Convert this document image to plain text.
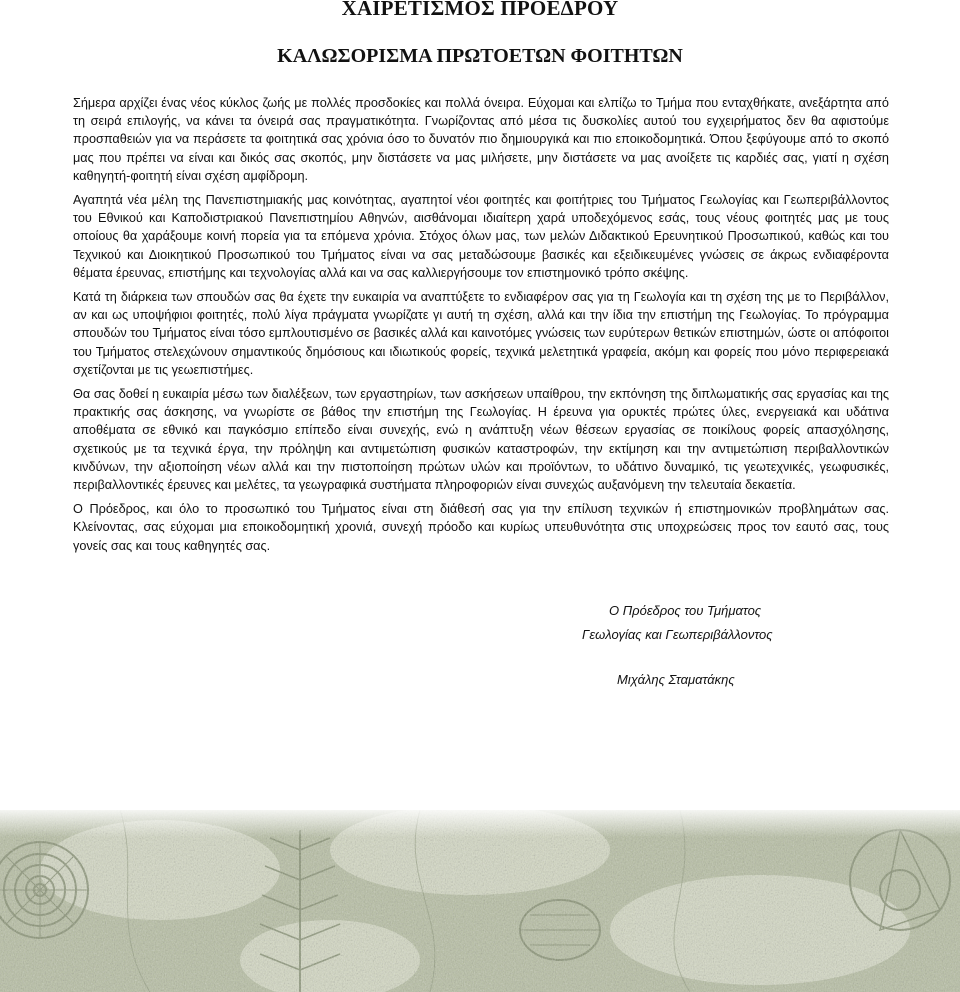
ΧΑΙΡΕΤΙΣΜΟΣ ΠΡΟΕΔΡΟΥ
ΚΑΛΩΣΟΡΙΣΜΑ ΠΡΩΤΟΕΤΩΝ ΦΟΙΤΗΤΩΝ

Σήμερα αρχίζει ένας νέος κύκλος ζωής με πολλές προσδοκίες και πολλά όνειρα. Εύχομαι και ελπίζω το Τμήμα που ενταχθήκατε, ανεξάρτητα από τη σειρά επιλογής, να κάνει τα όνειρά σας πραγματικότητα. Γνωρίζοντας από μέσα τις δυσκολίες αυτού του εγχειρήματος δεν θα αφιστούμε προσπαθειών για να περάσετε τα φοιτητικά σας χρόνια όσο το δυνατόν πιο δημιουργικά και πιο εποικοδομητικά. Όπου ξεφύγουμε από το σκοπό μας που πρέπει να είναι και δικός σας σκοπός, μην διστάσετε να μας μιλήσετε, μην διστάσετε να μας ανοίξετε τις καρδιές σας, γιατί η σχέση καθηγητή-φοιτητή είναι σχέση αμφίδρομη.

Αγαπητά νέα μέλη της Πανεπιστημιακής μας κοινότητας, αγαπητοί νέοι φοιτητές και φοιτήτριες του Τμήματος Γεωλογίας και Γεωπεριβάλλοντος του Εθνικού και Καποδιστριακού Πανεπιστημίου Αθηνών, αισθάνομαι ιδιαίτερη χαρά υποδεχόμενος εσάς, τους νέους φοιτητές μας με τους οποίους θα χαράξουμε κοινή πορεία για τα επόμενα χρόνια. Στόχος όλων μας, των μελών Διδακτικού Ερευνητικού Προσωπικού, καθώς και του Τεχνικού και Διοικητικού Προσωπικού του Τμήματος είναι να σας μεταδώσουμε βασικές και εξειδικευμένες γνώσεις σε άκρως ενδιαφέροντα θέματα έρευνας, επιστήμης και τεχνολογίας αλλά και να σας καλλιεργήσουμε τον επιστημονικό τρόπο σκέψης.

Κατά τη διάρκεια των σπουδών σας θα έχετε την ευκαιρία να αναπτύξετε το ενδιαφέρον σας για τη Γεωλογία και τη σχέση της με το Περιβάλλον, αν και ως υποψήφιοι φοιτητές, πολύ λίγα πράγματα γνωρίζατε γι αυτή τη σχέση, αλλά και την ίδια την επιστήμη της Γεωλογίας. Το πρόγραμμα σπουδών του Τμήματος είναι τόσο εμπλουτισμένο σε βασικές αλλά και καινοτόμες γνώσεις των ευρύτερων θετικών επιστημών, ώστε οι απόφοιτοι του Τμήματος στελεχώνουν σημαντικούς δημόσιους και ιδιωτικούς φορείς, τεχνικά μελετητικά γραφεία, ακόμη και φορείς που μόνο περιφερειακά σχετίζονται με τις γεωεπιστήμες.

Θα σας δοθεί η ευκαιρία μέσω των διαλέξεων, των εργαστηρίων, των ασκήσεων υπαίθρου, την εκπόνηση της διπλωματικής σας εργασίας και της πρακτικής σας άσκησης, να γνωρίστε σε βάθος την επιστήμη της Γεωλογίας. Η έρευνα για ορυκτές πρώτες ύλες, ενεργειακά και υδάτινα αποθέματα σε εθνικό και παγκόσμιο επίπεδο είναι συνεχής, ενώ η ανάπτυξη νέων θέσεων εργασίας σε ποικίλους φορείς απασχόλησης, σχετικούς με τα τεχνικά έργα, την πρόληψη και αντιμετώπιση φυσικών καταστροφών, την εκτίμηση και την αντιμετώπιση περιβαλλοντικών κινδύνων, την αξιοποίηση νέων αλλά και την πιστοποίηση πρώτων υλών και προϊόντων, το υδάτινο δυναμικό, τις γεωτεχνικές, γεωφυσικές, περιβαλλοντικές έρευνες και μελέτες, τα γεωγραφικά συστήματα πληροφοριών είναι συνεχώς αυξανόμενη την τελευταία δεκαετία.

Ο Πρόεδρος, και όλο το προσωπικό του Τμήματος είναι στη διάθεσή σας για την επίλυση τεχνικών ή επιστημονικών προβλημάτων σας. Κλείνοντας, σας εύχομαι μια εποικοδομητική χρονιά, συνεχή πρόοδο και κυρίως υπευθυνότητα στις υποχρεώσεις προς τον εαυτό σας, τους γονείς σας και τους καθηγητές σας.

Ο Πρόεδρος του Τμήματος
Γεωλογίας και Γεωπεριβάλλοντος
Μιχάλης Σταματάκης
